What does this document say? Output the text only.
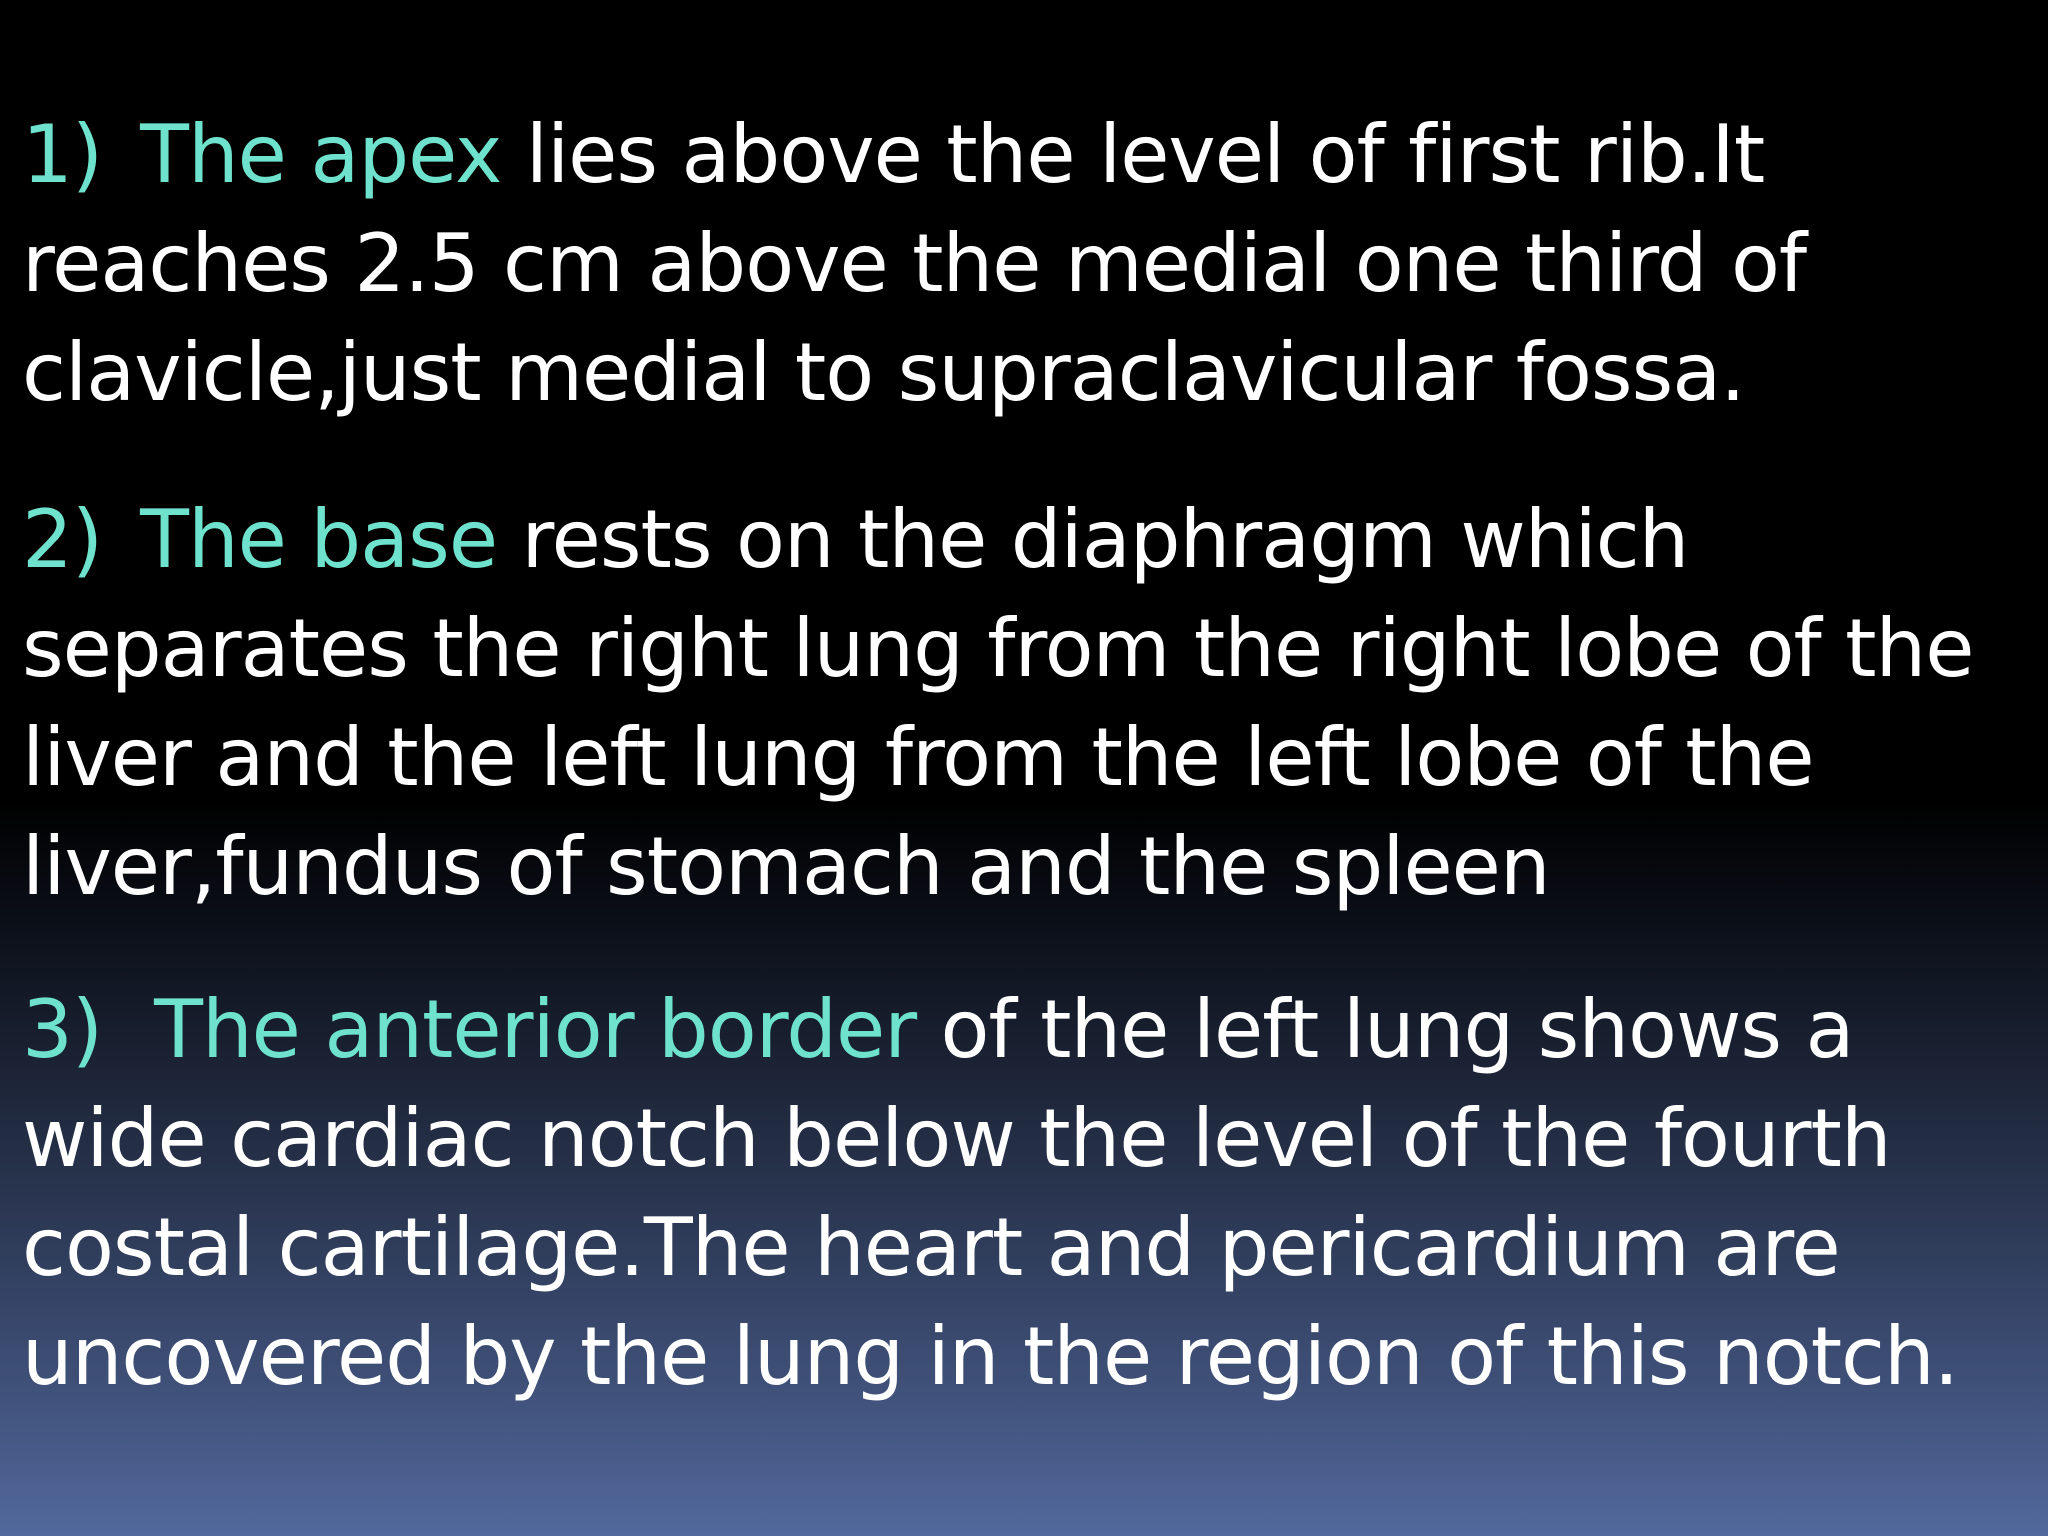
1) The apex lies above the level of first rib.It reaches 2.5 cm above the medial one third of clavicle,just medial to supraclavicular fossa.

2) The base rests on the diaphragm which separates the right lung from the right lobe of the liver and the left lung from the left lobe of the liver,fundus of stomach and the spleen

3) The anterior border of the left lung shows a wide cardiac notch below the level of the fourth costal cartilage.The heart and pericardium are uncovered by the lung in the region of this notch.
